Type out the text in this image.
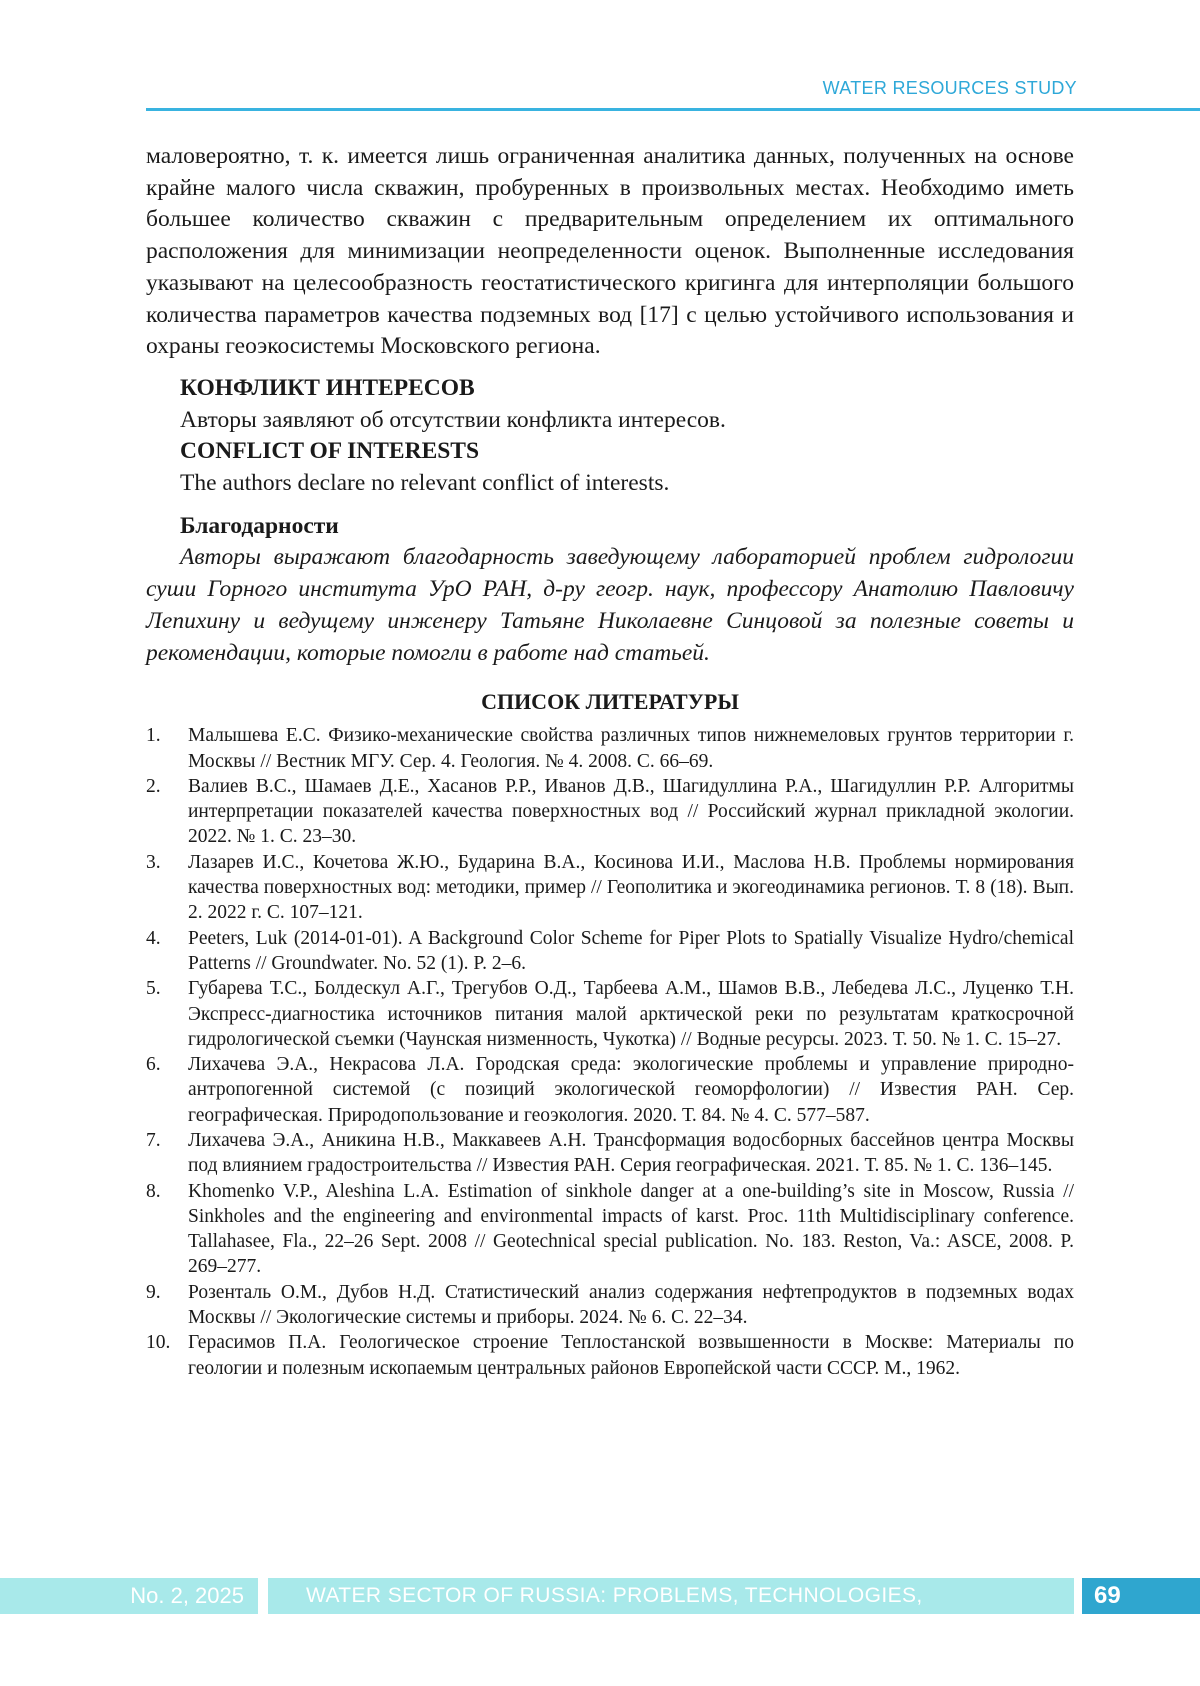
WATER RESOURCES STUDY

маловероятно, т. к. имеется лишь ограниченная аналитика данных, полученных на основе крайне малого числа скважин, пробуренных в произвольных местах. Необходимо иметь большее количество скважин с предварительным определением их оптимального расположения для минимизации неопределенности оценок. Выполненные исследования указывают на целесообразность геостатистического кригинга для интерполяции большого количества параметров качества подземных вод [17] с целью устойчивого использования и охраны геоэкосистемы Московского региона.

КОНФЛИКТ ИНТЕРЕСОВ

Авторы заявляют об отсутствии конфликта интересов.

CONFLICT OF INTERESTS

The authors declare no relevant conflict of interests.

Благодарности

Авторы выражают благодарность заведующему лабораторией проблем гидрологии суши Горного института УрО РАН, д-ру геогр. наук, профессору Анатолию Павловичу Лепихину и ведущему инженеру Татьяне Николаевне Синцовой за полезные советы и рекомендации, которые помогли в работе над статьей.

СПИСОК ЛИТЕРАТУРЫ
1. Малышева Е.С. Физико-механические свойства различных типов нижнемеловых грунтов территории г. Москвы // Вестник МГУ. Сер. 4. Геология. № 4. 2008. С. 66–69.
2. Валиев В.С., Шамаев Д.Е., Хасанов Р.Р., Иванов Д.В., Шагидуллина Р.А., Шагидуллин Р.Р. Алгоритмы интерпретации показателей качества поверхностных вод // Российский журнал прикладной экологии. 2022. № 1. С. 23–30.
3. Лазарев И.С., Кочетова Ж.Ю., Бударина В.А., Косинова И.И., Маслова Н.В. Проблемы нормирования качества поверхностных вод: методики, пример // Геополитика и экогеодинамика регионов. Т. 8 (18). Вып. 2. 2022 г. С. 107–121.
4. Peeters, Luk (2014-01-01). A Background Color Scheme for Piper Plots to Spatially Visualize Hydro/chemical Patterns // Groundwater. No. 52 (1). P. 2–6.
5. Губарева Т.С., Болдескул А.Г., Трегубов О.Д., Тарбеева А.М., Шамов В.В., Лебедева Л.С., Луценко Т.Н. Экспресс-диагностика источников питания малой арктической реки по результатам краткосрочной гидрологической съемки (Чаунская низменность, Чукотка) // Водные ресурсы. 2023. Т. 50. № 1. С. 15–27.
6. Лихачева Э.А., Некрасова Л.А. Городская среда: экологические проблемы и управление природно-антропогенной системой (с позиций экологической геоморфологии) // Известия РАН. Сер. географическая. Природопользование и геоэкология. 2020. Т. 84. № 4. С. 577–587.
7. Лихачева Э.А., Аникина Н.В., Маккавеев А.Н. Трансформация водосборных бассейнов центра Москвы под влиянием градостроительства // Известия РАН. Серия географическая. 2021. Т. 85. № 1. С. 136–145.
8. Khomenko V.P., Aleshina L.A. Estimation of sinkhole danger at a one-building’s site in Moscow, Russia // Sinkholes and the engineering and environmental impacts of karst. Proc. 11th Multidisciplinary conference. Tallahasee, Fla., 22–26 Sept. 2008 // Geotechnical special publication. No. 183. Reston, Va.: ASCE, 2008. P. 269–277.
9. Розенталь О.М., Дубов Н.Д. Статистический анализ содержания нефтепродуктов в подземных водах Москвы // Экологические системы и приборы. 2024. № 6. С. 22–34.
10. Герасимов П.А. Геологическое строение Теплостанской возвышенности в Москве: Материалы по геологии и полезным ископаемым центральных районов Европейской части СССР. М., 1962.
No. 2, 2025	WATER SECTOR OF RUSSIA: PROBLEMS, TECHNOLOGIES, MANAGEMENT
69
